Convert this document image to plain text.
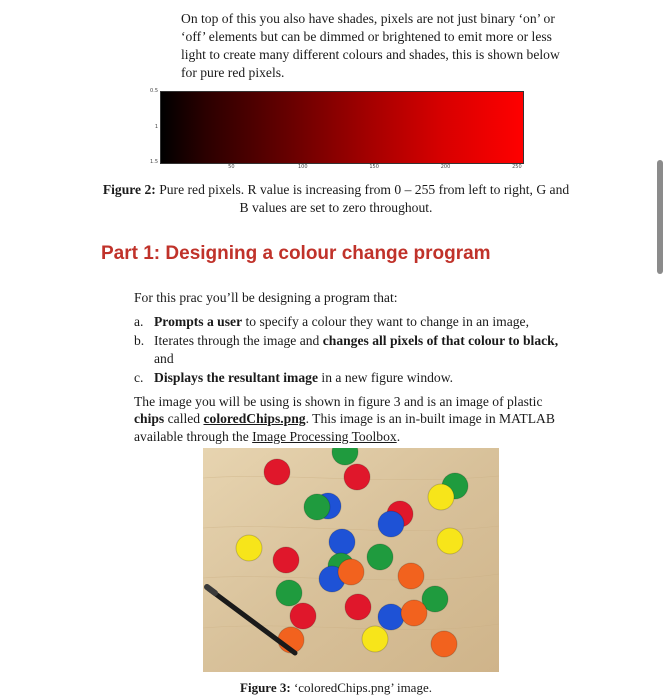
On top of this you also have shades, pixels are not just binary ‘on’ or ‘off’ elements but can be dimmed or brightened to emit more or less light to create many different colours and shades, this is shown below for pure red pixels.
0.5
1
1.5
50	100	150	200	250
Figure 2: Pure red pixels. R value is increasing from 0 – 255 from left to right, G and B values are set to zero throughout.
Part 1: Designing a colour change program

For this prac you’ll be designing a program that:

a. Prompts a user to specify a colour they want to change in an image,
b. Iterates through the image and changes all pixels of that colour to black, and
c. Displays the resultant image in a new figure window.

The image you will be using is shown in figure 3 and is an image of plastic chips called coloredChips.png. This image is an in-built image in MATLAB available through the Image Processing Toolbox.

Figure 3: ‘coloredChips.png’ image.
